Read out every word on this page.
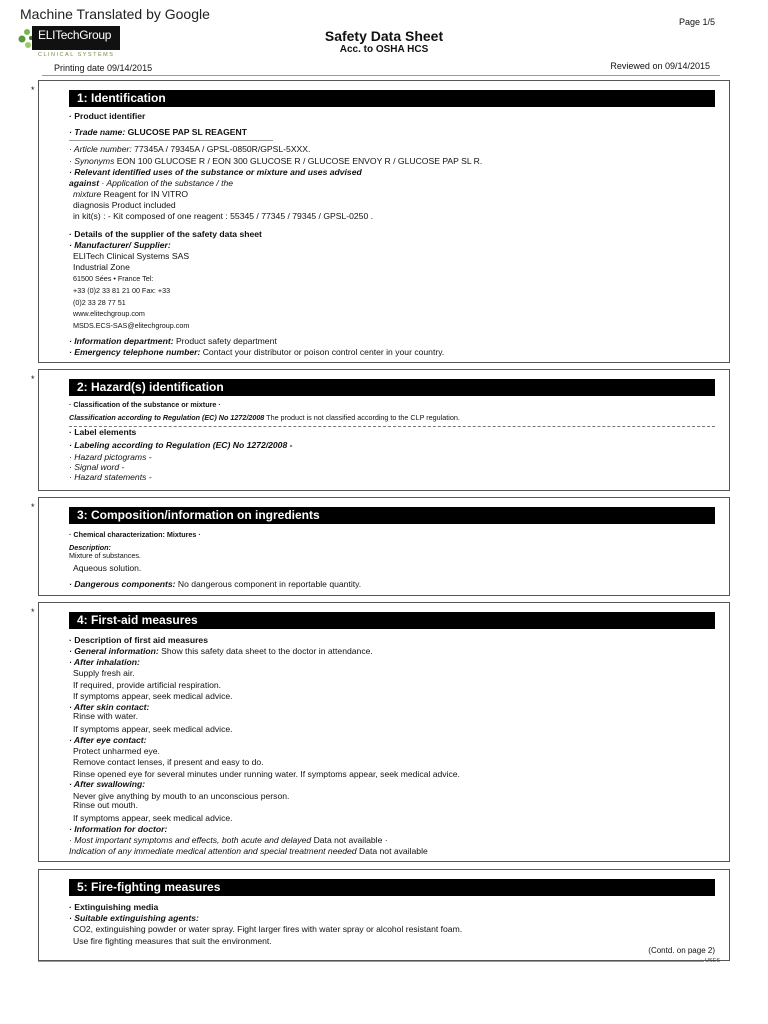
Machine Translated by Google
ELITechGroup
CLINICAL SYSTEMS
Page 1/5
Safety Data Sheet
Acc. to OSHA HCS
Printing date 09/14/2015	Reviewed on 09/14/2015
*
1: Identification
· Product identifier
· Trade name: GLUCOSE PAP SL REAGENT
· Article number: 77345A / 79345A / GPSL-0850R/GPSL-5XXX.
· Synonyms EON 100 GLUCOSE R / EON 300 GLUCOSE R / GLUCOSE ENVOY R / GLUCOSE PAP SL R.
· Relevant identified uses of the substance or mixture and uses advised
against · Application of the substance / the
mixture Reagent for IN VITRO
diagnosis Product included
in kit(s) : - Kit composed of one reagent : 55345 / 77345 / 79345 / GPSL-0250 .
· Details of the supplier of the safety data sheet
· Manufacturer/ Supplier:
ELITech Clinical Systems SAS
Industrial Zone
61500 Sées • France Tel:
+33 (0)2 33 81 21 00 Fax: +33
(0)2 33 28 77 51
www.elitechgroup.com
MSDS.ECS-SAS@elitechgroup.com
· Information department: Product safety department
· Emergency telephone number: Contact your distributor or poison control center in your country.
*
2: Hazard(s) identification
· Classification of the substance or mixture ·
Classification according to Regulation (EC) No 1272/2008 The product is not classified according to the CLP regulation.
· Label elements
· Labeling according to Regulation (EC) No 1272/2008 -
· Hazard pictograms -
· Signal word -
· Hazard statements -
*
3: Composition/information on ingredients
· Chemical characterization: Mixtures ·
Description:
Mixture of substances.
Aqueous solution.
· Dangerous components: No dangerous component in reportable quantity.
*
4: First-aid measures
· Description of first aid measures
· General information: Show this safety data sheet to the doctor in attendance.
· After inhalation:
Supply fresh air.
If required, provide artificial respiration.
If symptoms appear, seek medical advice.
· After skin contact:
Rinse with water.
If symptoms appear, seek medical advice.
· After eye contact:
Protect unharmed eye.
Remove contact lenses, if present and easy to do.
Rinse opened eye for several minutes under running water. If symptoms appear, seek medical advice.
· After swallowing:
Never give anything by mouth to an unconscious person.
Rinse out mouth.
If symptoms appear, seek medical advice.
· Information for doctor:
· Most important symptoms and effects, both acute and delayed Data not available ·
Indication of any immediate medical attention and special treatment needed Data not available
5: Fire-fighting measures
· Extinguishing media
· Suitable extinguishing agents:
CO2, extinguishing powder or water spray. Fight larger fires with water spray or alcohol resistant foam.
Use fire fighting measures that suit the environment.
(Contd. on page 2)
USES
